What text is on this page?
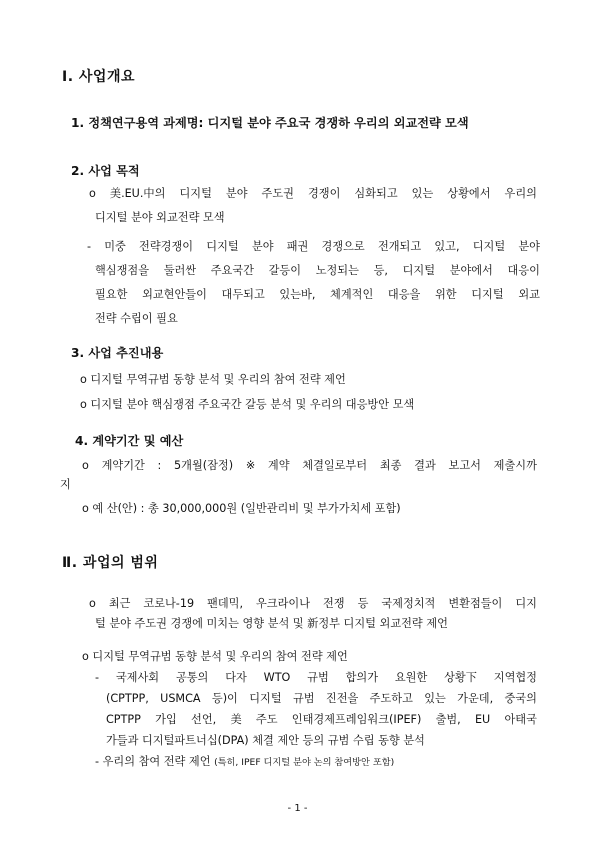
Ⅰ. 사업개요
1. 정책연구용역 과제명: 디지털 분야 주요국 경쟁하 우리의 외교전략 모색
2. 사업 목적
o 美.EU.中의 디지털 분야 주도권 경쟁이 심화되고 있는 상황에서 우리의
디지털 분야 외교전략 모색
- 미중 전략경쟁이 디지털 분야 패권 경쟁으로 전개되고 있고, 디지털 분야
핵심쟁점을 둘러싼 주요국간 갈등이 노정되는 등, 디지털 분야에서 대응이
필요한 외교현안들이 대두되고 있는바, 체계적인 대응을 위한 디지털 외교
전략 수립이 필요
3. 사업 추진내용
o 디지털 무역규범 동향 분석 및 우리의 참여 전략 제언
o 디지털 분야 핵심쟁점 주요국간 갈등 분석 및 우리의 대응방안 모색
4. 계약기간 및 예산
o 계약기간 : 5개월(잠정) ※ 계약 체결일로부터 최종 결과 보고서 제출시까
지
o 예 산(안) : 총 30,000,000원 (일반관리비 및 부가가치세 포함)
Ⅱ. 과업의 범위
o 최근 코로나-19 팬데믹, 우크라이나 전쟁 등 국제정치적 변환점들이 디지
털 분야 주도권 경쟁에 미치는 영향 분석 및 新정부 디지털 외교전략 제언
o 디지털 무역규범 동향 분석 및 우리의 참여 전략 제언
- 국제사회 공통의 다자 WTO 규범 합의가 요원한 상황下 지역협정
(CPTPP, USMCA 등)이 디지털 규범 진전을 주도하고 있는 가운데, 중국의
CPTPP 가입 선언, 美 주도 인태경제프레임워크(IPEF) 출범, EU 아태국
가들과 디지털파트너십(DPA) 체결 제안 등의 규범 수립 동향 분석
- 우리의 참여 전략 제언 (특히, IPEF 디지털 분야 논의 참여방안 포함)
- 1 -
